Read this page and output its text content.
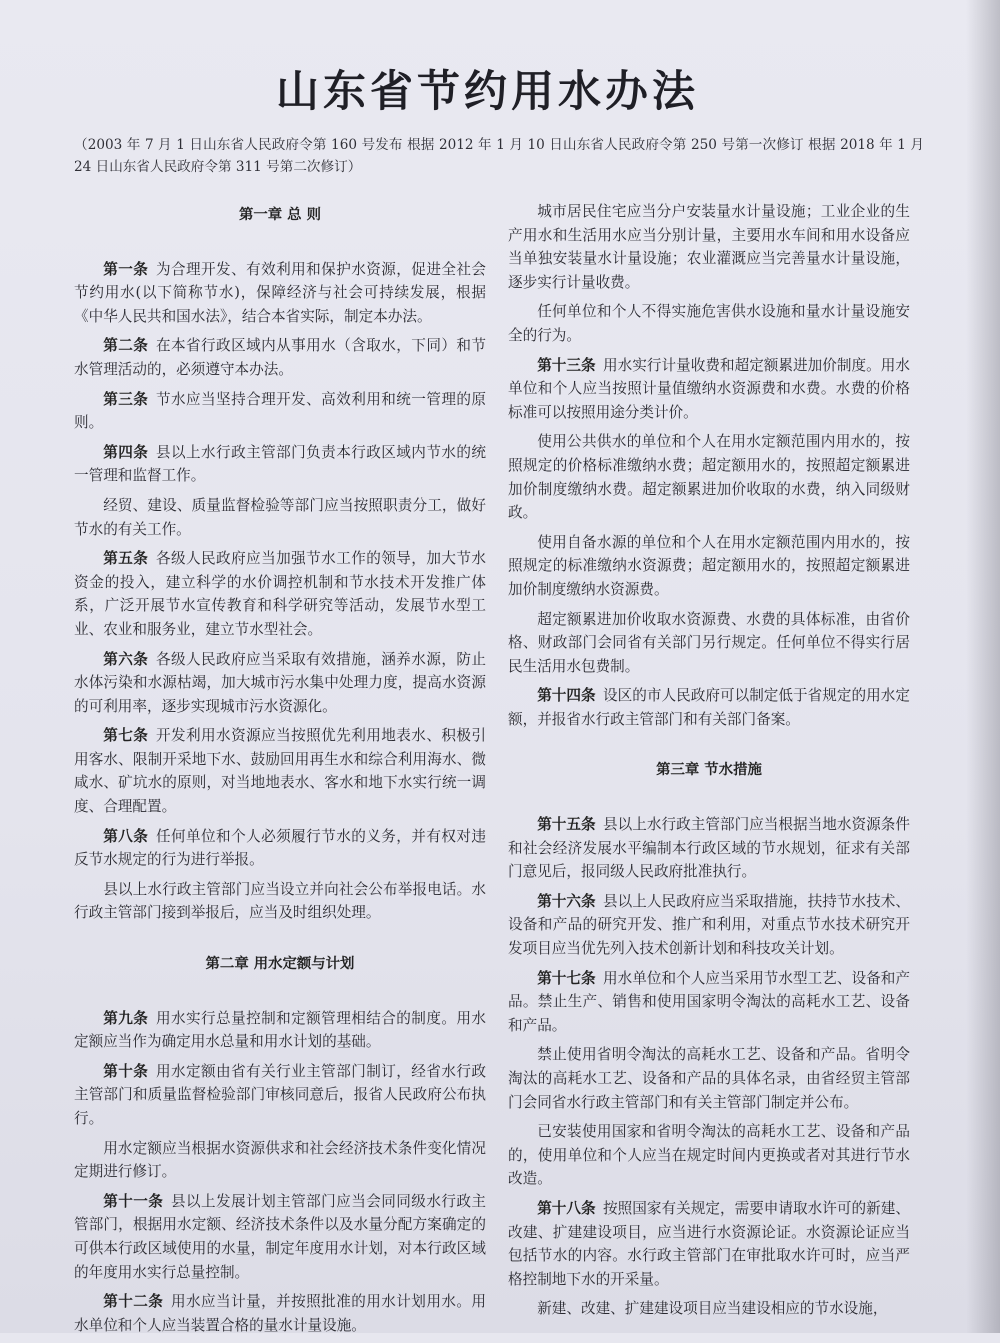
山东省节约用水办法
（2003 年 7 月 1 日山东省人民政府令第 160 号发布 根据 2012 年 1 月 10 日山东省人民政府令第 250 号第一次修订 根据 2018 年 1 月 24 日山东省人民政府令第 311 号第二次修订）
第一章 总 则

第一条  为合理开发、有效利用和保护水资源，促进全社会节约用水(以下简称节水)，保障经济与社会可持续发展，根据《中华人民共和国水法》，结合本省实际，制定本办法。

第二条  在本省行政区域内从事用水（含取水，下同）和节水管理活动的，必须遵守本办法。

第三条  节水应当坚持合理开发、高效利用和统一管理的原则。

第四条  县以上水行政主管部门负责本行政区域内节水的统一管理和监督工作。

经贸、建设、质量监督检验等部门应当按照职责分工，做好节水的有关工作。

第五条  各级人民政府应当加强节水工作的领导，加大节水资金的投入，建立科学的水价调控机制和节水技术开发推广体系，广泛开展节水宣传教育和科学研究等活动，发展节水型工业、农业和服务业，建立节水型社会。

第六条  各级人民政府应当采取有效措施，涵养水源，防止水体污染和水源枯竭，加大城市污水集中处理力度，提高水资源的可利用率，逐步实现城市污水资源化。

第七条  开发利用水资源应当按照优先利用地表水、积极引用客水、限制开采地下水、鼓励回用再生水和综合利用海水、微咸水、矿坑水的原则，对当地地表水、客水和地下水实行统一调度、合理配置。

第八条  任何单位和个人必须履行节水的义务，并有权对违反节水规定的行为进行举报。

县以上水行政主管部门应当设立并向社会公布举报电话。水行政主管部门接到举报后，应当及时组织处理。

第二章 用水定额与计划

第九条  用水实行总量控制和定额管理相结合的制度。用水定额应当作为确定用水总量和用水计划的基础。

第十条  用水定额由省有关行业主管部门制订，经省水行政主管部门和质量监督检验部门审核同意后，报省人民政府公布执行。

用水定额应当根据水资源供求和社会经济技术条件变化情况定期进行修订。

第十一条  县以上发展计划主管部门应当会同同级水行政主管部门，根据用水定额、经济技术条件以及水量分配方案确定的可供本行政区域使用的水量，制定年度用水计划，对本行政区域的年度用水实行总量控制。

第十二条  用水应当计量，并按照批准的用水计划用水。用水单位和个人应当装置合格的量水计量设施。

城市居民住宅应当分户安装量水计量设施；工业企业的生产用水和生活用水应当分别计量，主要用水车间和用水设备应当单独安装量水计量设施；农业灌溉应当完善量水计量设施，逐步实行计量收费。

任何单位和个人不得实施危害供水设施和量水计量设施安全的行为。

第十三条  用水实行计量收费和超定额累进加价制度。用水单位和个人应当按照计量值缴纳水资源费和水费。水费的价格标准可以按照用途分类计价。

使用公共供水的单位和个人在用水定额范围内用水的，按照规定的价格标准缴纳水费；超定额用水的，按照超定额累进加价制度缴纳水费。超定额累进加价收取的水费，纳入同级财政。

使用自备水源的单位和个人在用水定额范围内用水的，按照规定的标准缴纳水资源费；超定额用水的，按照超定额累进加价制度缴纳水资源费。

超定额累进加价收取水资源费、水费的具体标准，由省价格、财政部门会同省有关部门另行规定。任何单位不得实行居民生活用水包费制。

第十四条  设区的市人民政府可以制定低于省规定的用水定额，并报省水行政主管部门和有关部门备案。

第三章 节水措施

第十五条  县以上水行政主管部门应当根据当地水资源条件和社会经济发展水平编制本行政区域的节水规划，征求有关部门意见后，报同级人民政府批准执行。

第十六条  县以上人民政府应当采取措施，扶持节水技术、设备和产品的研究开发、推广和利用，对重点节水技术研究开发项目应当优先列入技术创新计划和科技攻关计划。

第十七条  用水单位和个人应当采用节水型工艺、设备和产品。禁止生产、销售和使用国家明令淘汰的高耗水工艺、设备和产品。

禁止使用省明令淘汰的高耗水工艺、设备和产品。省明令淘汰的高耗水工艺、设备和产品的具体名录，由省经贸主管部门会同省水行政主管部门和有关主管部门制定并公布。

已安装使用国家和省明令淘汰的高耗水工艺、设备和产品的，使用单位和个人应当在规定时间内更换或者对其进行节水改造。

第十八条  按照国家有关规定，需要申请取水许可的新建、改建、扩建建设项目，应当进行水资源论证。水资源论证应当包括节水的内容。水行政主管部门在审批取水许可时，应当严格控制地下水的开采量。

新建、改建、扩建建设项目应当建设相应的节水设施，
